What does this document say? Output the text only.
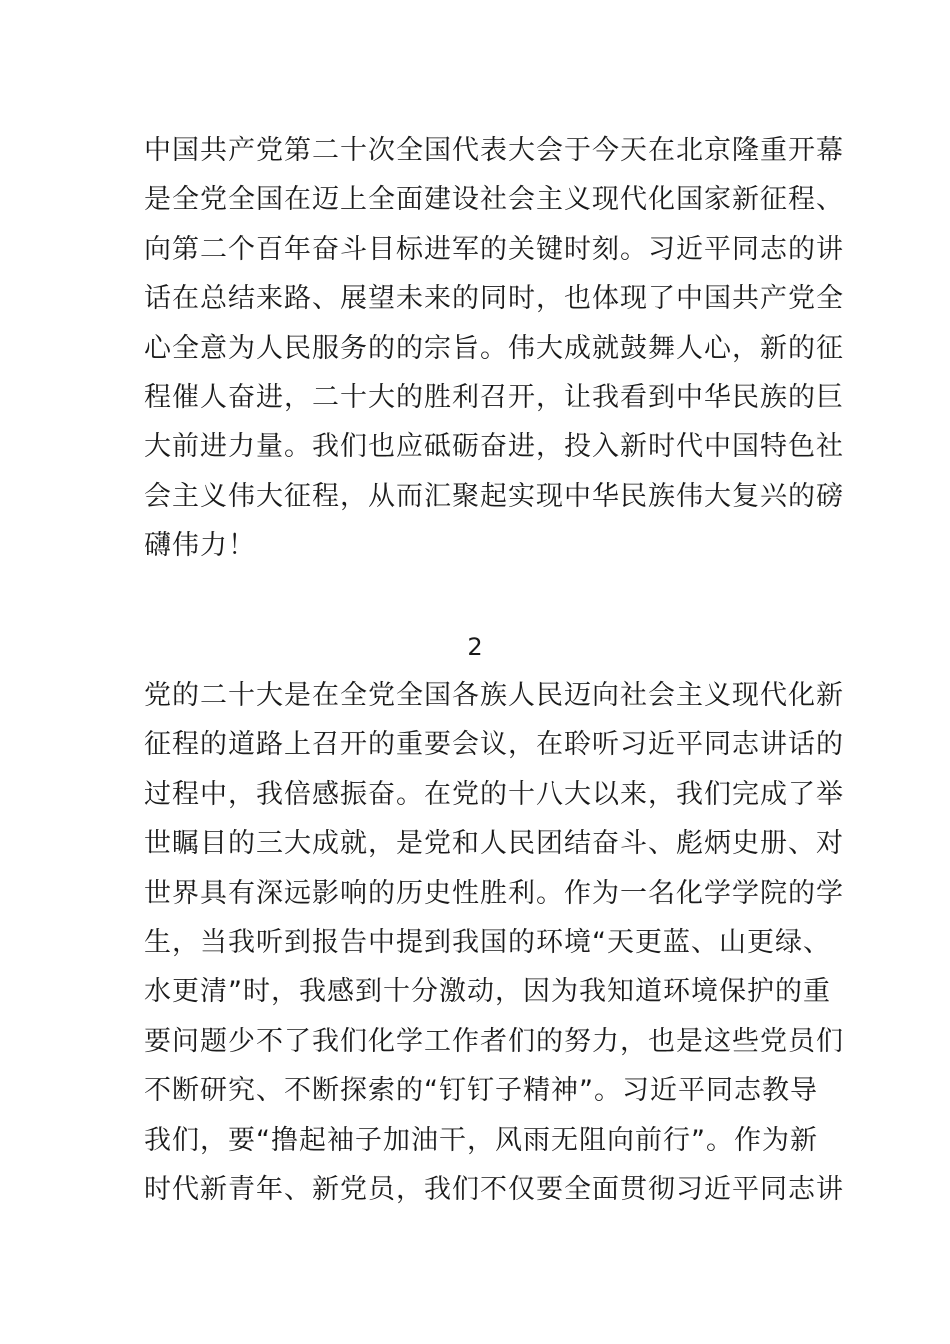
中国共产党第二十次全国代表大会于今天在北京隆重开幕
是全党全国在迈上全面建设社会主义现代化国家新征程、
向第二个百年奋斗目标进军的关键时刻。习近平同志的讲
话在总结来路、展望未来的同时，也体现了中国共产党全
心全意为人民服务的的宗旨。伟大成就鼓舞人心，新的征
程催人奋进，二十大的胜利召开，让我看到中华民族的巨
大前进力量。我们也应砥砺奋进，投入新时代中国特色社
会主义伟大征程，从而汇聚起实现中华民族伟大复兴的磅
礴伟力！
2
党的二十大是在全党全国各族人民迈向社会主义现代化新
征程的道路上召开的重要会议，在聆听习近平同志讲话的
过程中，我倍感振奋。在党的十八大以来，我们完成了举
世瞩目的三大成就，是党和人民团结奋斗、彪炳史册、对
世界具有深远影响的历史性胜利。作为一名化学学院的学
生，当我听到报告中提到我国的环境“天更蓝、山更绿、
水更清”时，我感到十分激动，因为我知道环境保护的重
要问题少不了我们化学工作者们的努力，也是这些党员们
不断研究、不断探索的“钉钉子精神”。习近平同志教导
我们，要“撸起袖子加油干，风雨无阻向前行”。作为新
时代新青年、新党员，我们不仅要全面贯彻习近平同志讲
